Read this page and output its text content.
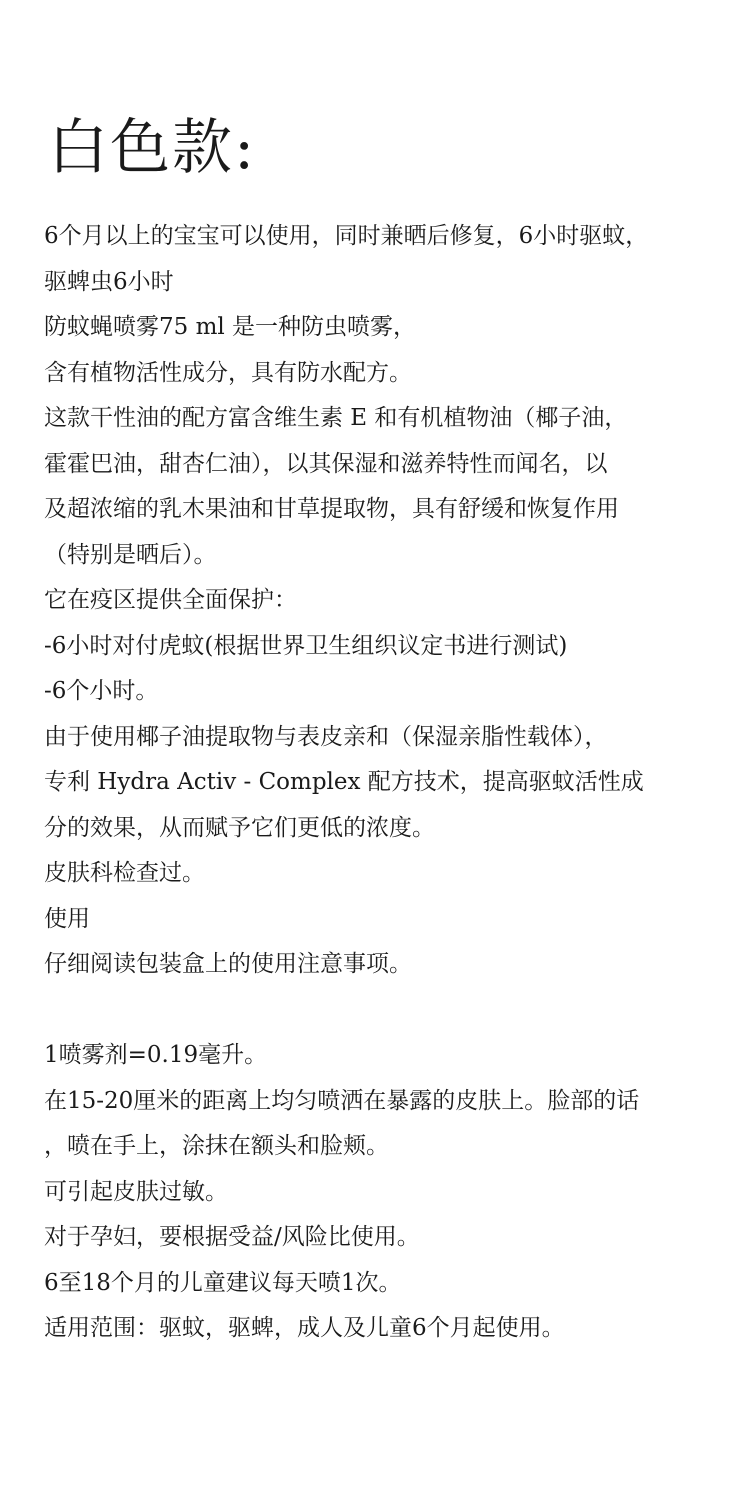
白色款:
6个月以上的宝宝可以使用，同时兼晒后修复，6小时驱蚊，
驱蜱虫6小时
防蚊蝇喷雾75 ml 是一种防虫喷雾，
含有植物活性成分，具有防水配方。
这款干性油的配方富含维生素 E 和有机植物油（椰子油，
霍霍巴油，甜杏仁油），以其保湿和滋养特性而闻名，以
及超浓缩的乳木果油和甘草提取物，具有舒缓和恢复作用
（特别是晒后）。
它在疫区提供全面保护：
-6小时对付虎蚊(根据世界卫生组织议定书进行测试)
-6个小时。
由于使用椰子油提取物与表皮亲和（保湿亲脂性载体），
专利 Hydra Activ - Complex 配方技术，提高驱蚊活性成
分的效果，从而赋予它们更低的浓度。
皮肤科检查过。
使用
仔细阅读包装盒上的使用注意事项。
1喷雾剂=0.19毫升。
在15-20厘米的距离上均匀喷洒在暴露的皮肤上。脸部的话
，喷在手上，涂抹在额头和脸颊。
可引起皮肤过敏。
对于孕妇，要根据受益/风险比使用。
6至18个月的儿童建议每天喷1次。
适用范围：驱蚊，驱蜱，成人及儿童6个月起使用。
